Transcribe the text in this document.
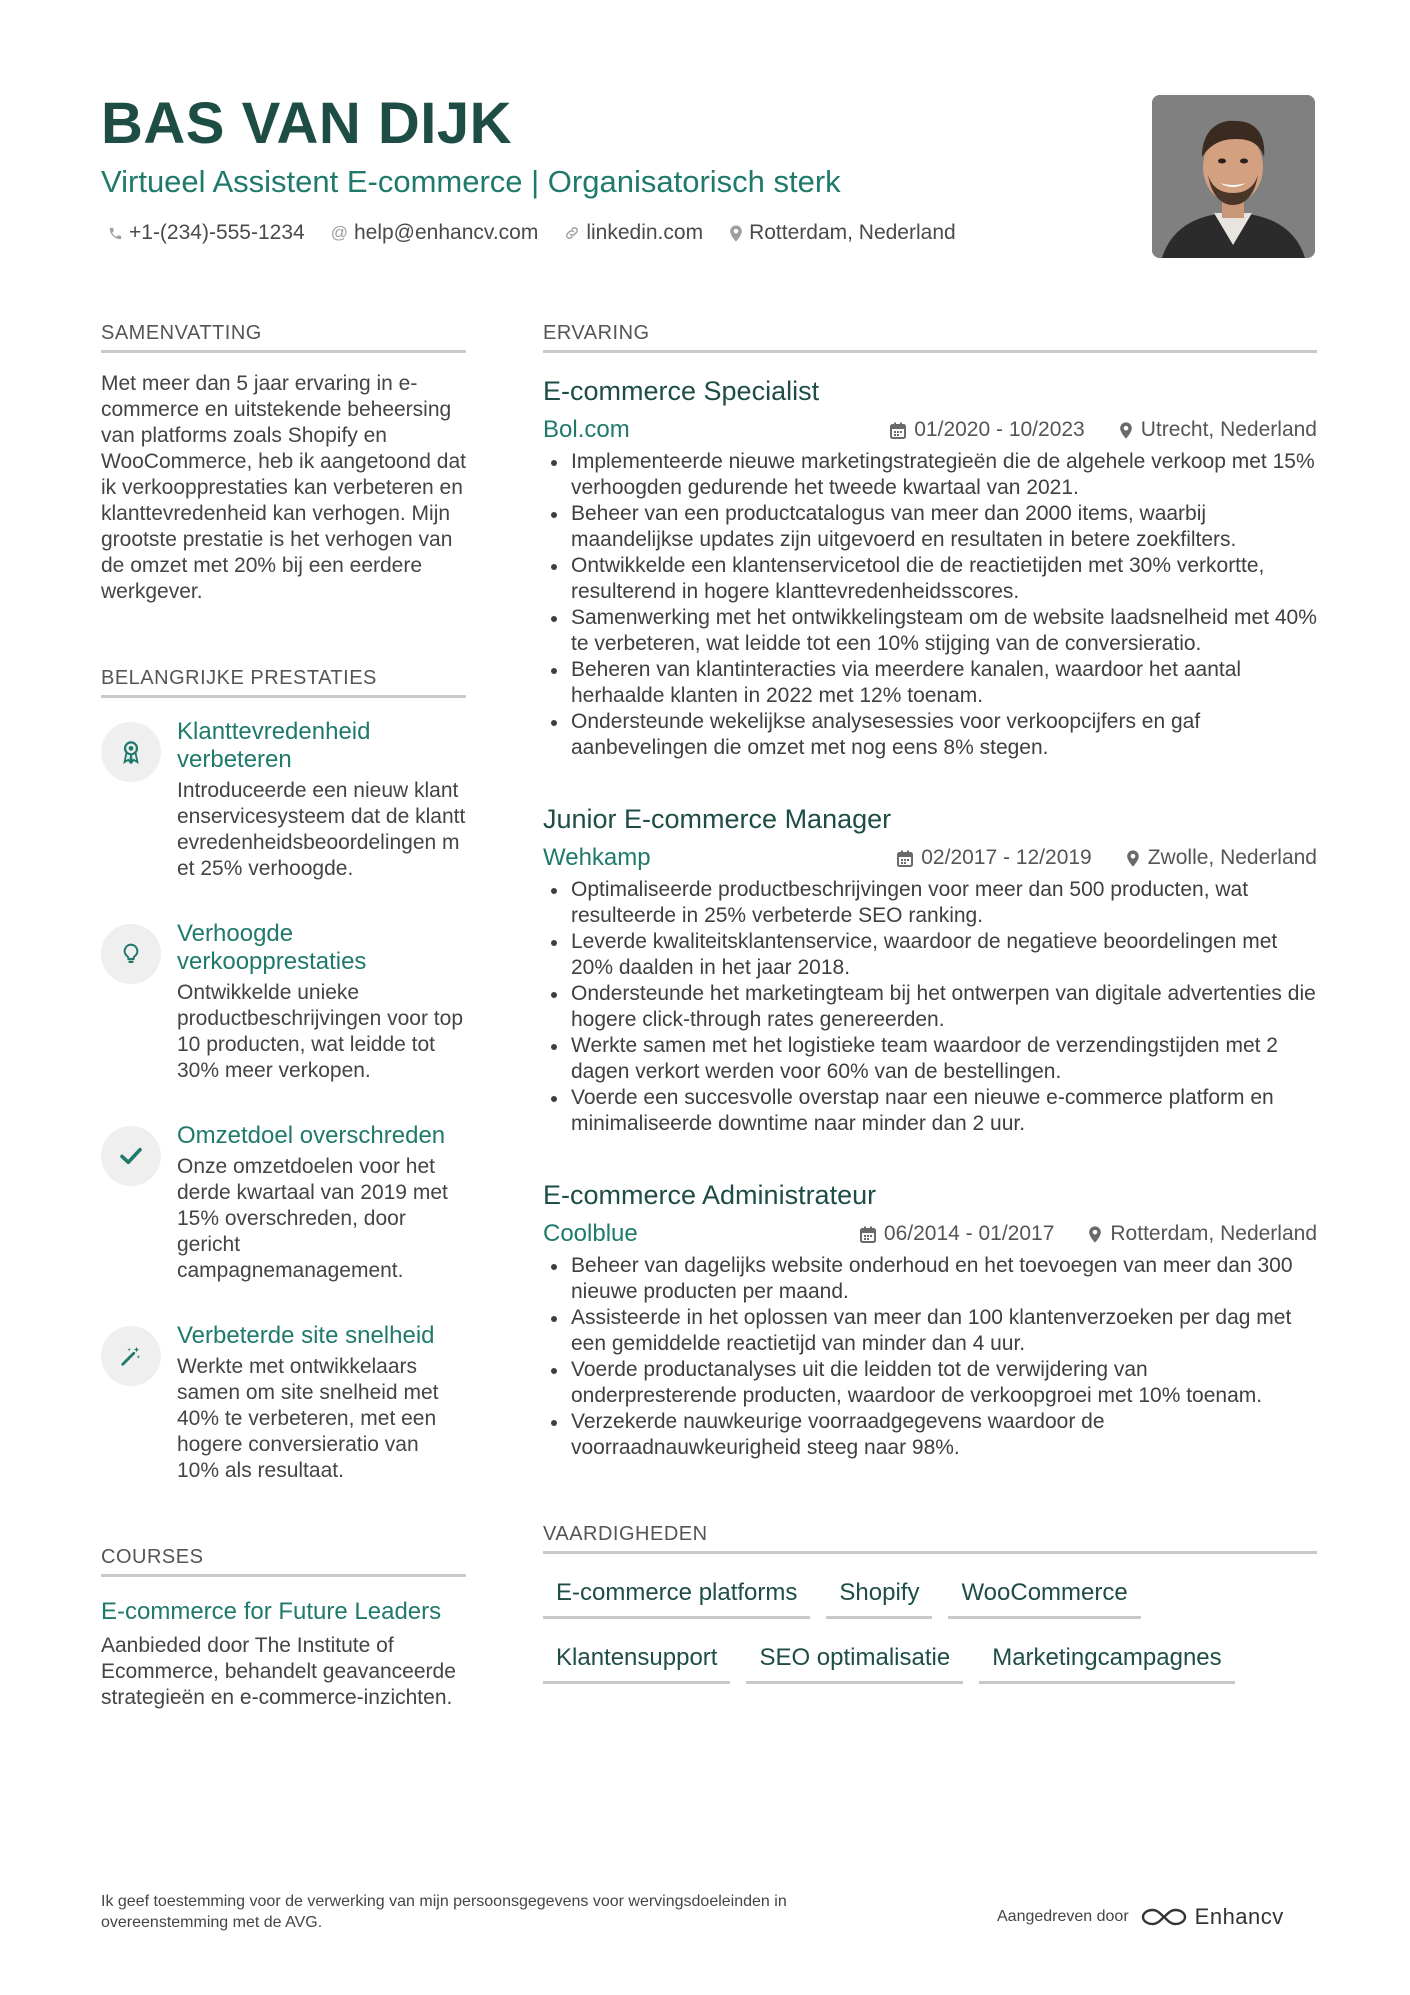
BAS VAN DIJK
Virtueel Assistent E-commerce | Organisatorisch sterk
+1-(234)-555-1234 @ help@enhancv.com linkedin.com Rotterdam, Nederland
SAMENVATTING

Met meer dan 5 jaar ervaring in e-commerce en uitstekende beheersing van platforms zoals Shopify en WooCommerce, heb ik aangetoond dat ik verkoopprestaties kan verbeteren en klanttevredenheid kan verhogen. Mijn grootste prestatie is het verhogen van de omzet met 20% bij een eerdere werkgever.

BELANGRIJKE PRESTATIES
Klanttevredenheid verbeteren
Introduceerde een nieuw klantenservicesysteem dat de klanttevredenheidsbeoordelingen met 25% verhoogde.
Verhoogde verkoopprestaties
Ontwikkelde unieke productbeschrijvingen voor top 10 producten, wat leidde tot 30% meer verkopen.
Omzetdoel overschreden
Onze omzetdoelen voor het derde kwartaal van 2019 met 15% overschreden, door gericht campagnemanagement.
Verbeterde site snelheid
Werkte met ontwikkelaars samen om site snelheid met 40% te verbeteren, met een hogere conversieratio van 10% als resultaat.
COURSES
E-commerce for Future Leaders
Aanbieded door The Institute of Ecommerce, behandelt geavanceerde strategieën en e-commerce-inzichten.
ERVARING
E-commerce Specialist
Bol.com	01/2020 - 10/2023	Utrecht, Nederland
Implementeerde nieuwe marketingstrategieën die de algehele verkoop met 15% verhoogden gedurende het tweede kwartaal van 2021.
Beheer van een productcatalogus van meer dan 2000 items, waarbij maandelijkse updates zijn uitgevoerd en resultaten in betere zoekfilters.
Ontwikkelde een klantenservicetool die de reactietijden met 30% verkortte, resulterend in hogere klanttevredenheidsscores.
Samenwerking met het ontwikkelingsteam om de website laadsnelheid met 40% te verbeteren, wat leidde tot een 10% stijging van de conversieratio.
Beheren van klantinteracties via meerdere kanalen, waardoor het aantal herhaalde klanten in 2022 met 12% toenam.
Ondersteunde wekelijkse analysesessies voor verkoopcijfers en gaf aanbevelingen die omzet met nog eens 8% stegen.
Junior E-commerce Manager
Wehkamp	02/2017 - 12/2019	Zwolle, Nederland
Optimaliseerde productbeschrijvingen voor meer dan 500 producten, wat resulteerde in 25% verbeterde SEO ranking.
Leverde kwaliteitsklantenservice, waardoor de negatieve beoordelingen met 20% daalden in het jaar 2018.
Ondersteunde het marketingteam bij het ontwerpen van digitale advertenties die hogere click-through rates genereerden.
Werkte samen met het logistieke team waardoor de verzendingstijden met 2 dagen verkort werden voor 60% van de bestellingen.
Voerde een succesvolle overstap naar een nieuwe e-commerce platform en minimaliseerde downtime naar minder dan 2 uur.
E-commerce Administrateur
Coolblue	06/2014 - 01/2017	Rotterdam, Nederland
Beheer van dagelijks website onderhoud en het toevoegen van meer dan 300 nieuwe producten per maand.
Assisteerde in het oplossen van meer dan 100 klantenverzoeken per dag met een gemiddelde reactietijd van minder dan 4 uur.
Voerde productanalyses uit die leidden tot de verwijdering van onderpresterende producten, waardoor de verkoopgroei met 10% toenam.
Verzekerde nauwkeurige voorraadgegevens waardoor de voorraadnauwkeurigheid steeg naar 98%.
VAARDIGHEDEN
E-commerce platforms	Shopify	WooCommerce
Klantensupport	SEO optimalisatie	Marketingcampagnes
Ik geef toestemming voor de verwerking van mijn persoonsgegevens voor wervingsdoeleinden in overeenstemming met de AVG.	Aangedreven door	Enhancv
